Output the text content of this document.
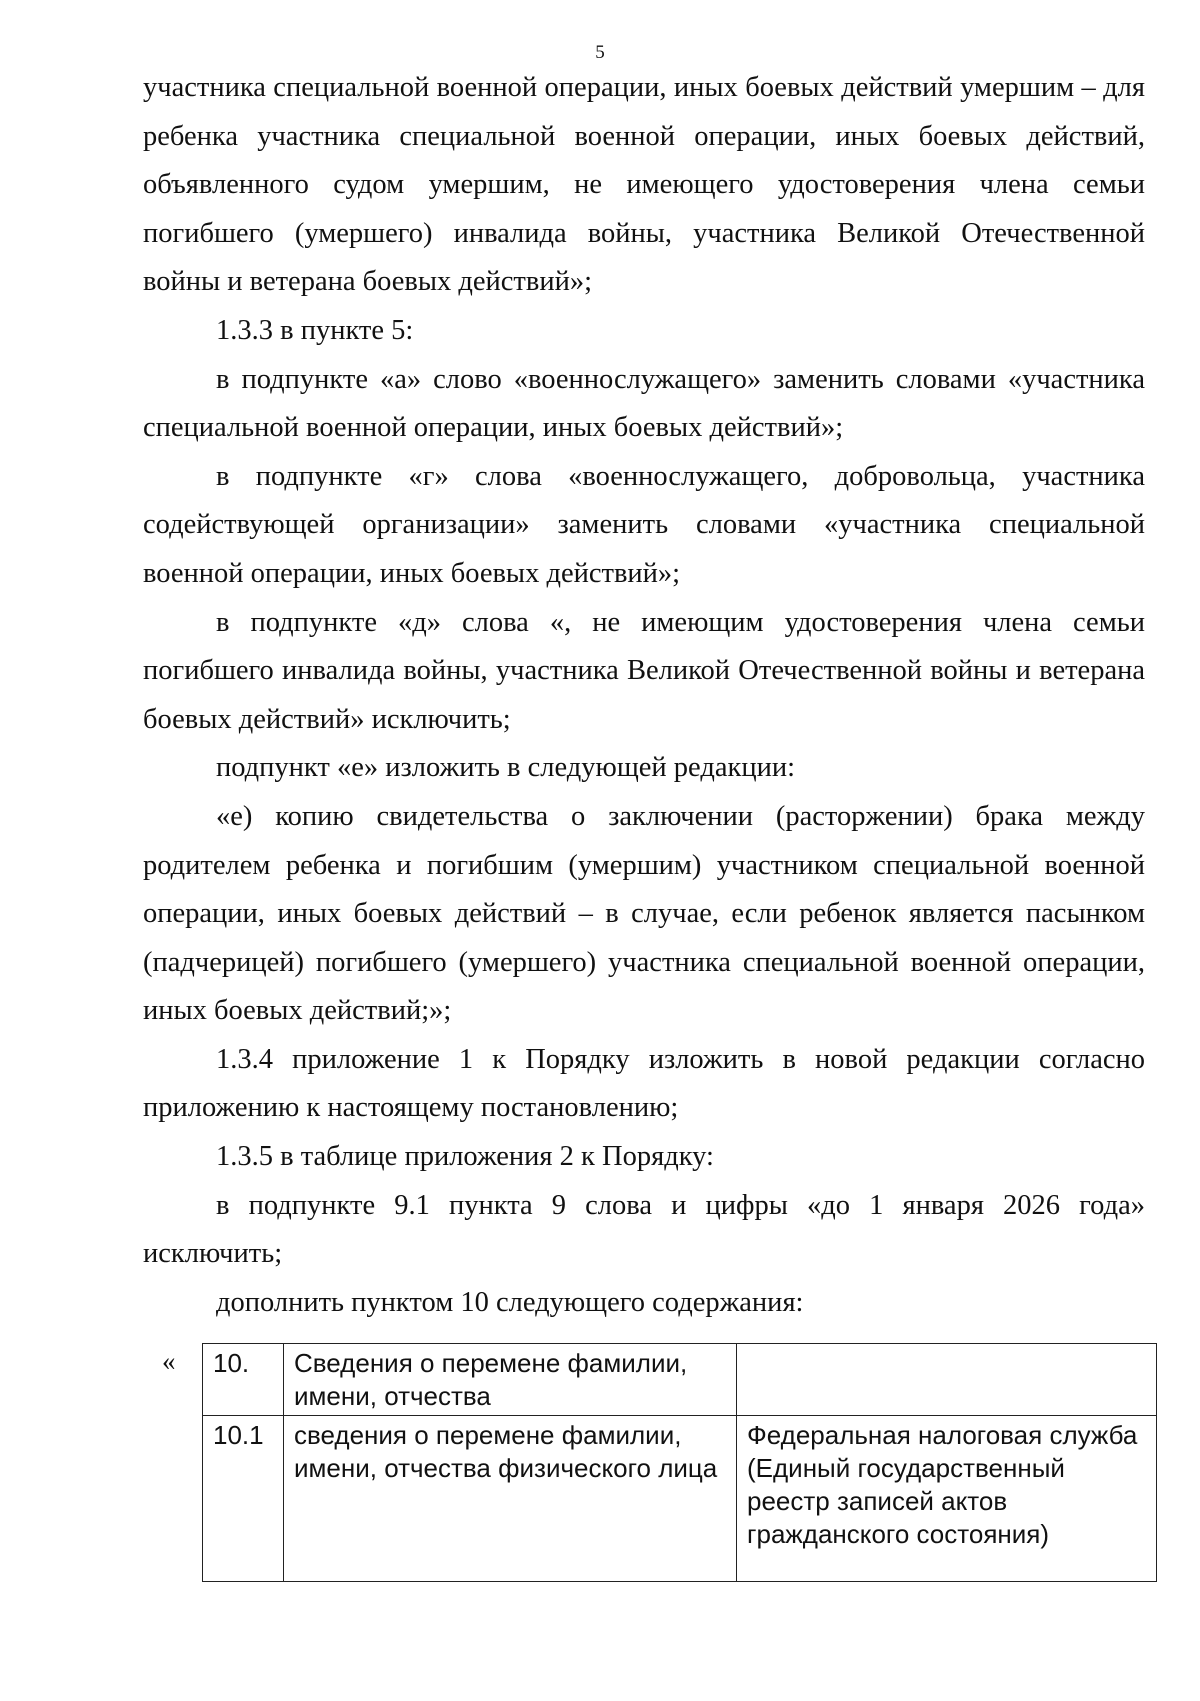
5

участника специальной военной операции, иных боевых действий умершим – для ребенка участника специальной военной операции, иных боевых действий, объявленного судом умершим, не имеющего удостоверения члена семьи погибшего (умершего) инвалида войны, участника Великой Отечественной войны и ветерана боевых действий»;

1.3.3 в пункте 5:

в подпункте «а» слово «военнослужащего» заменить словами «участника специальной военной операции, иных боевых действий»;

в подпункте «г» слова «военнослужащего, добровольца, участника содействующей организации» заменить словами «участника специальной военной операции, иных боевых действий»;

в подпункте «д» слова «, не имеющим удостоверения члена семьи погибшего инвалида войны, участника Великой Отечественной войны и ветерана боевых действий» исключить;

подпункт «е» изложить в следующей редакции:

«е) копию свидетельства о заключении (расторжении) брака между родителем ребенка и погибшим (умершим) участником специальной военной операции, иных боевых действий – в случае, если ребенок является пасынком (падчерицей) погибшего (умершего) участника специальной военной операции, иных боевых действий;»;

1.3.4 приложение 1 к Порядку изложить в новой редакции согласно приложению к настоящему постановлению;

1.3.5 в таблице приложения 2 к Порядку:

в подпункте 9.1 пункта 9 слова и цифры «до 1 января 2026 года» исключить;

дополнить пунктом 10 следующего содержания:

« 10.	Сведения о перемене фамилии, имени, отчества	
10.1	сведения о перемене фамилии, имени, отчества физического лица	Федеральная налоговая служба (Единый государственный реестр записей актов гражданского состояния)
